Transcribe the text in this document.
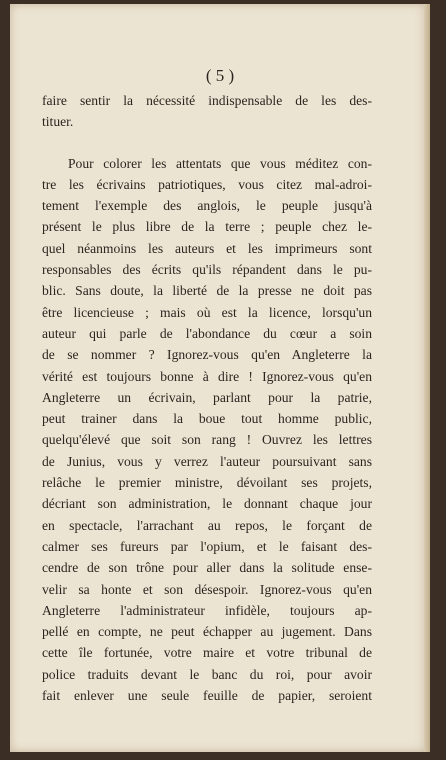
( 5 )
faire sentir la nécessité indispensable de les des-
tituer.
Pour colorer les attentats que vous méditez con-
tre les écrivains patriotiques, vous citez mal-adroi-
tement l'exemple des anglois, le peuple jusqu'à
présent le plus libre de la terre ; peuple chez le-
quel néanmoins les auteurs et les imprimeurs sont
responsables des écrits qu'ils répandent dans le pu-
blic. Sans doute, la liberté de la presse ne doit pas
être licencieuse ; mais où est la licence, lorsqu'un
auteur qui parle de l'abondance du cœur a soin
de se nommer ? Ignorez-vous qu'en Angleterre la
vérité est toujours bonne à dire ! Ignorez-vous qu'en
Angleterre un écrivain, parlant pour la patrie,
peut trainer dans la boue tout homme public,
quelqu'élevé que soit son rang ! Ouvrez les lettres
de Junius, vous y verrez l'auteur poursuivant sans
relâche le premier ministre, dévoilant ses projets,
décriant son administration, le donnant chaque jour
en spectacle, l'arrachant au repos, le forçant de
calmer ses fureurs par l'opium, et le faisant des-
cendre de son trône pour aller dans la solitude ense-
velir sa honte et son désespoir. Ignorez-vous qu'en
Angleterre l'administrateur infidèle, toujours ap-
pellé en compte, ne peut échapper au jugement. Dans
cette île fortunée, votre maire et votre tribunal de
police traduits devant le banc du roi, pour avoir
fait enlever une seule feuille de papier, seroient
